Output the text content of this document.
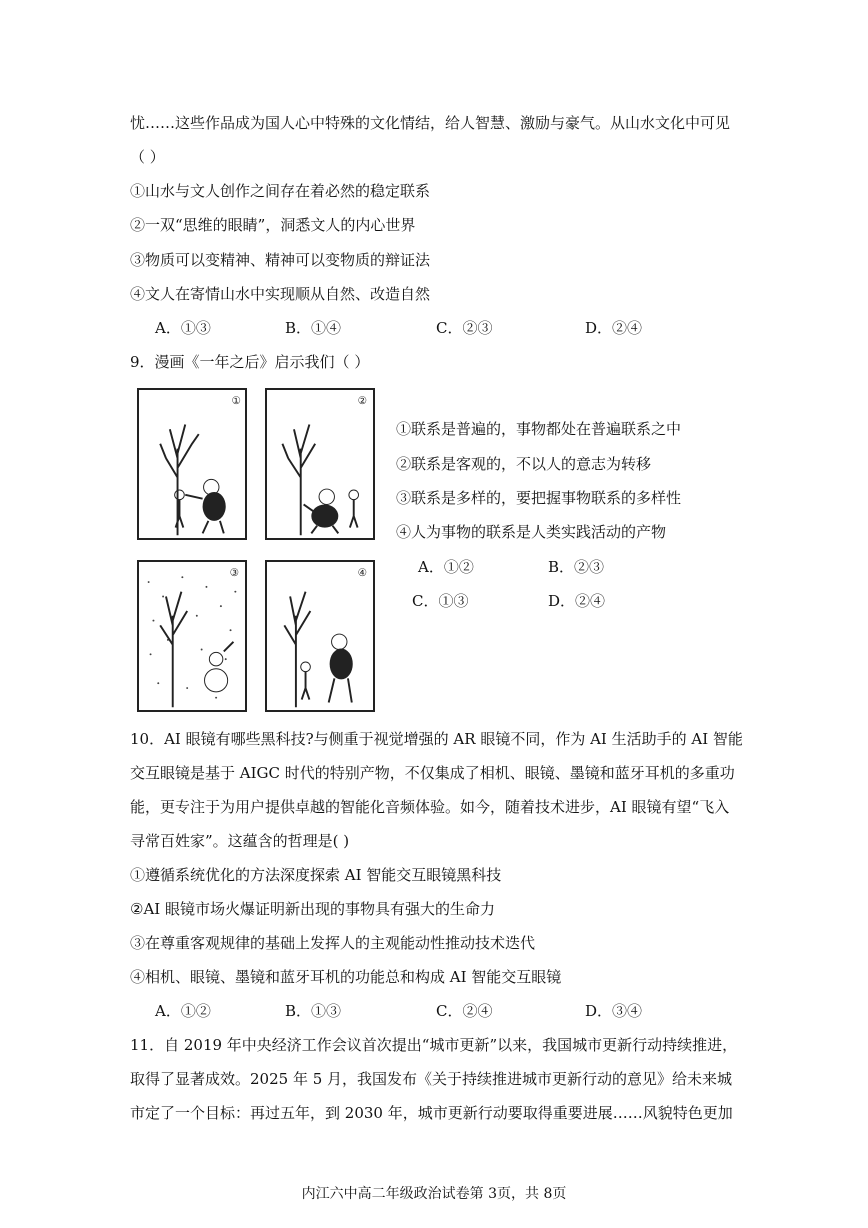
忧……这些作品成为国人心中特殊的文化情结，给人智慧、激励与豪气。从山水文化中可见
（ ）
①山水与文人创作之间存在着必然的稳定联系
②一双“思维的眼睛”，洞悉文人的内心世界
③物质可以变精神、精神可以变物质的辩证法
④文人在寄情山水中实现顺从自然、改造自然
A．①③	B．①④	C．②③	D．②④
9．漫画《一年之后》启示我们（ ）
①	②
③	④
①联系是普遍的，事物都处在普遍联系之中
②联系是客观的，不以人的意志为转移
③联系是多样的，要把握事物联系的多样性
④人为事物的联系是人类实践活动的产物
A．①②	B．②③
C．①③	D．②④
10．AI 眼镜有哪些黑科技?与侧重于视觉增强的 AR 眼镜不同，作为 AI 生活助手的 AI 智能
交互眼镜是基于 AIGC 时代的特别产物，不仅集成了相机、眼镜、墨镜和蓝牙耳机的多重功
能，更专注于为用户提供卓越的智能化音频体验。如今，随着技术进步，AI 眼镜有望“飞入
寻常百姓家”。这蕴含的哲理是( )
①遵循系统优化的方法深度探索 AI 智能交互眼镜黑科技
②AI 眼镜市场火爆证明新出现的事物具有强大的生命力
③在尊重客观规律的基础上发挥人的主观能动性推动技术迭代
④相机、眼镜、墨镜和蓝牙耳机的功能总和构成 AI 智能交互眼镜
A．①②	B．①③	C．②④	D．③④
11．自 2019 年中央经济工作会议首次提出“城市更新”以来，我国城市更新行动持续推进，
取得了显著成效。2025 年 5 月，我国发布《关于持续推进城市更新行动的意见》给未来城
市定了一个目标：再过五年，到 2030 年，城市更新行动要取得重要进展……风貌特色更加
内江六中高二年级政治试卷第 3页，共 8页
